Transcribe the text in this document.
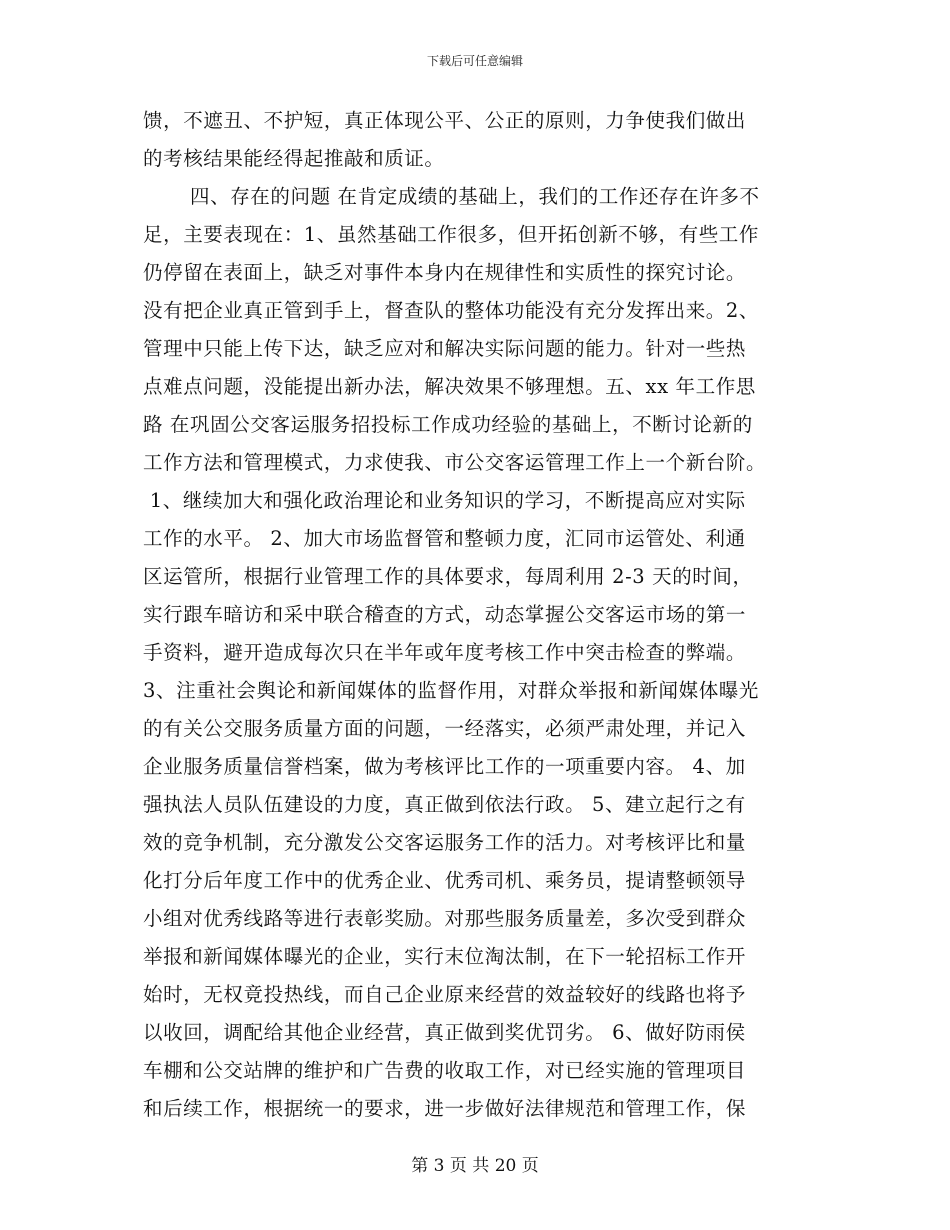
下载后可任意编辑
馈，不遮丑、不护短，真正体现公平、公正的原则，力争使我们做出
的考核结果能经得起推敲和质证。
四、存在的问题 在肯定成绩的基础上，我们的工作还存在许多不
足，主要表现在：1、虽然基础工作很多，但开拓创新不够，有些工作
仍停留在表面上，缺乏对事件本身内在规律性和实质性的探究讨论。
没有把企业真正管到手上，督查队的整体功能没有充分发挥出来。2、
管理中只能上传下达，缺乏应对和解决实际问题的能力。针对一些热
点难点问题，没能提出新办法，解决效果不够理想。五、xx 年工作思
路 在巩固公交客运服务招投标工作成功经验的基础上，不断讨论新的
工作方法和管理模式，力求使我、市公交客运管理工作上一个新台阶。
1、继续加大和强化政治理论和业务知识的学习，不断提高应对实际
工作的水平。 2、加大市场监督管和整顿力度，汇同市运管处、利通
区运管所，根据行业管理工作的具体要求，每周利用 2-3 天的时间，
实行跟车暗访和采中联合稽查的方式，动态掌握公交客运市场的第一
手资料，避开造成每次只在半年或年度考核工作中突击检查的弊端。
3、注重社会舆论和新闻媒体的监督作用，对群众举报和新闻媒体曝光
的有关公交服务质量方面的问题，一经落实，必须严肃处理，并记入
企业服务质量信誉档案，做为考核评比工作的一项重要内容。 4、加
强执法人员队伍建设的力度，真正做到依法行政。 5、建立起行之有
效的竞争机制，充分激发公交客运服务工作的活力。对考核评比和量
化打分后年度工作中的优秀企业、优秀司机、乘务员，提请整顿领导
小组对优秀线路等进行表彰奖励。对那些服务质量差，多次受到群众
举报和新闻媒体曝光的企业，实行末位淘汰制，在下一轮招标工作开
始时，无权竟投热线，而自己企业原来经营的效益较好的线路也将予
以收回，调配给其他企业经营，真正做到奖优罚劣。 6、做好防雨侯
车棚和公交站牌的维护和广告费的收取工作，对已经实施的管理项目
和后续工作，根据统一的要求，进一步做好法律规范和管理工作，保
第 3 页 共 20 页
